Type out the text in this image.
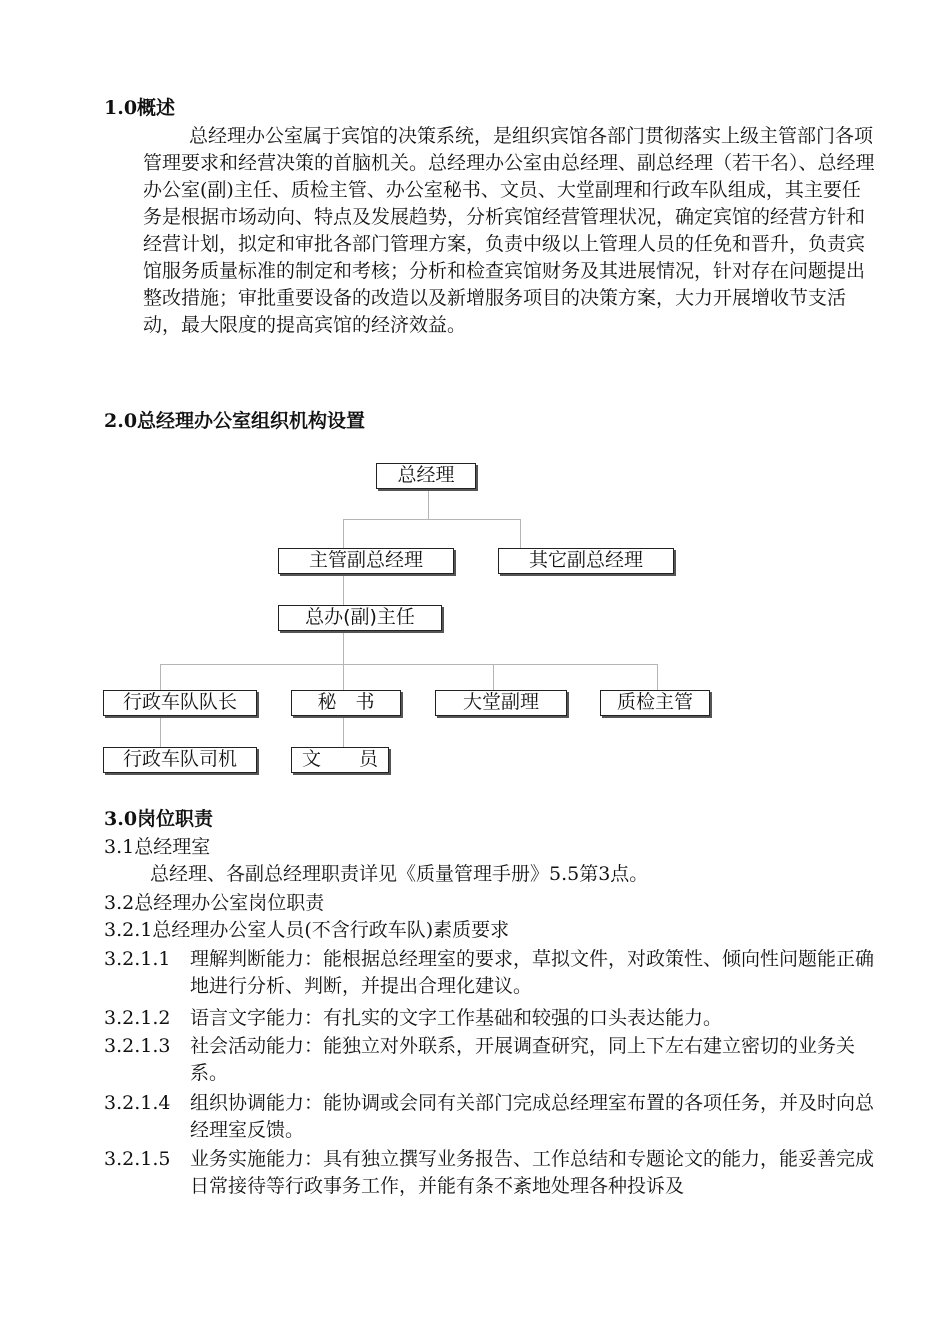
1.0概述
总经理办公室属于宾馆的决策系统，是组织宾馆各部门贯彻落实上级主管部门各项管理要求和经营决策的首脑机关。总经理办公室由总经理、副总经理（若干名）、总经理办公室(副)主任、质检主管、办公室秘书、文员、大堂副理和行政车队组成，其主要任务是根据市场动向、特点及发展趋势，分析宾馆经营管理状况，确定宾馆的经营方针和经营计划，拟定和审批各部门管理方案，负责中级以上管理人员的任免和晋升，负责宾馆服务质量标准的制定和考核；分析和检查宾馆财务及其进展情况，针对存在问题提出整改措施；审批重要设备的改造以及新增服务项目的决策方案，大力开展增收节支活动，最大限度的提高宾馆的经济效益。
2.0总经理办公室组织机构设置
总经理
主管副总经理	其它副总经理
总办(副)主任
行政车队队长	秘　书	大堂副理	质检主管
行政车队司机	文　　员
3.0岗位职责
3.1总经理室
总经理、各副总经理职责详见《质量管理手册》5.5第3点。
3.2总经理办公室岗位职责
3.2.1总经理办公室人员(不含行政车队)素质要求
3.2.1.1 理解判断能力：能根据总经理室的要求，草拟文件，对政策性、倾向性问题能正确地进行分析、判断，并提出合理化建议。
3.2.1.2 语言文字能力：有扎实的文字工作基础和较强的口头表达能力。
3.2.1.3 社会活动能力：能独立对外联系，开展调查研究，同上下左右建立密切的业务关系。
3.2.1.4 组织协调能力：能协调或会同有关部门完成总经理室布置的各项任务，并及时向总经理室反馈。
3.2.1.5 业务实施能力：具有独立撰写业务报告、工作总结和专题论文的能力，能妥善完成日常接待等行政事务工作，并能有条不紊地处理各种投诉及
